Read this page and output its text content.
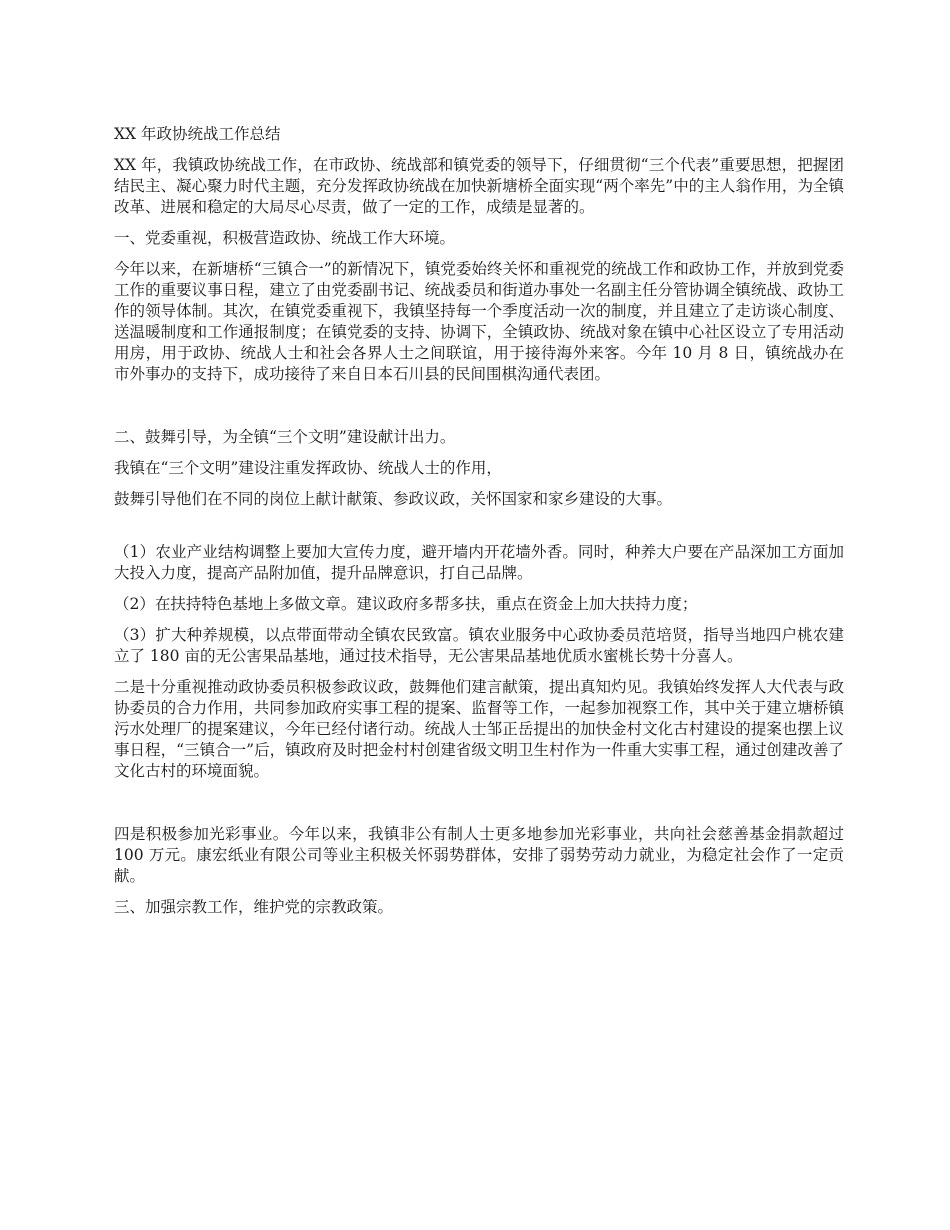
XX 年政协统战工作总结

XX 年，我镇政协统战工作，在市政协、统战部和镇党委的领导下，仔细贯彻“三个代表”重要思想，把握团结民主、凝心聚力时代主题，充分发挥政协统战在加快新塘桥全面实现“两个率先”中的主人翁作用，为全镇改革、进展和稳定的大局尽心尽责，做了一定的工作，成绩是显著的。

一、党委重视，积极营造政协、统战工作大环境。

今年以来，在新塘桥“三镇合一”的新情况下，镇党委始终关怀和重视党的统战工作和政协工作，并放到党委工作的重要议事日程，建立了由党委副书记、统战委员和街道办事处一名副主任分管协调全镇统战、政协工作的领导体制。其次，在镇党委重视下，我镇坚持每一个季度活动一次的制度，并且建立了走访谈心制度、送温暖制度和工作通报制度；在镇党委的支持、协调下，全镇政协、统战对象在镇中心社区设立了专用活动用房，用于政协、统战人士和社会各界人士之间联谊，用于接待海外来客。今年 10 月 8 日，镇统战办在市外事办的支持下，成功接待了来自日本石川县的民间围棋沟通代表团。

二、鼓舞引导，为全镇“三个文明”建设献计出力。

我镇在“三个文明”建设注重发挥政协、统战人士的作用，

鼓舞引导他们在不同的岗位上献计献策、参政议政，关怀国家和家乡建设的大事。

（1）农业产业结构调整上要加大宣传力度，避开墙内开花墙外香。同时，种养大户要在产品深加工方面加大投入力度，提高产品附加值，提升品牌意识，打自己品牌。

（2）在扶持特色基地上多做文章。建议政府多帮多扶，重点在资金上加大扶持力度；

（3）扩大种养规模，以点带面带动全镇农民致富。镇农业服务中心政协委员范培贤，指导当地四户桃农建立了 180 亩的无公害果品基地，通过技术指导，无公害果品基地优质水蜜桃长势十分喜人。

二是十分重视推动政协委员积极参政议政，鼓舞他们建言献策，提出真知灼见。我镇始终发挥人大代表与政协委员的合力作用，共同参加政府实事工程的提案、监督等工作，一起参加视察工作，其中关于建立塘桥镇污水处理厂的提案建议，今年已经付诸行动。统战人士邹正岳提出的加快金村文化古村建设的提案也摆上议事日程，“三镇合一”后，镇政府及时把金村村创建省级文明卫生村作为一件重大实事工程，通过创建改善了文化古村的环境面貌。

四是积极参加光彩事业。今年以来，我镇非公有制人士更多地参加光彩事业，共向社会慈善基金捐款超过 100 万元。康宏纸业有限公司等业主积极关怀弱势群体，安排了弱势劳动力就业，为稳定社会作了一定贡献。

三、加强宗教工作，维护党的宗教政策。
